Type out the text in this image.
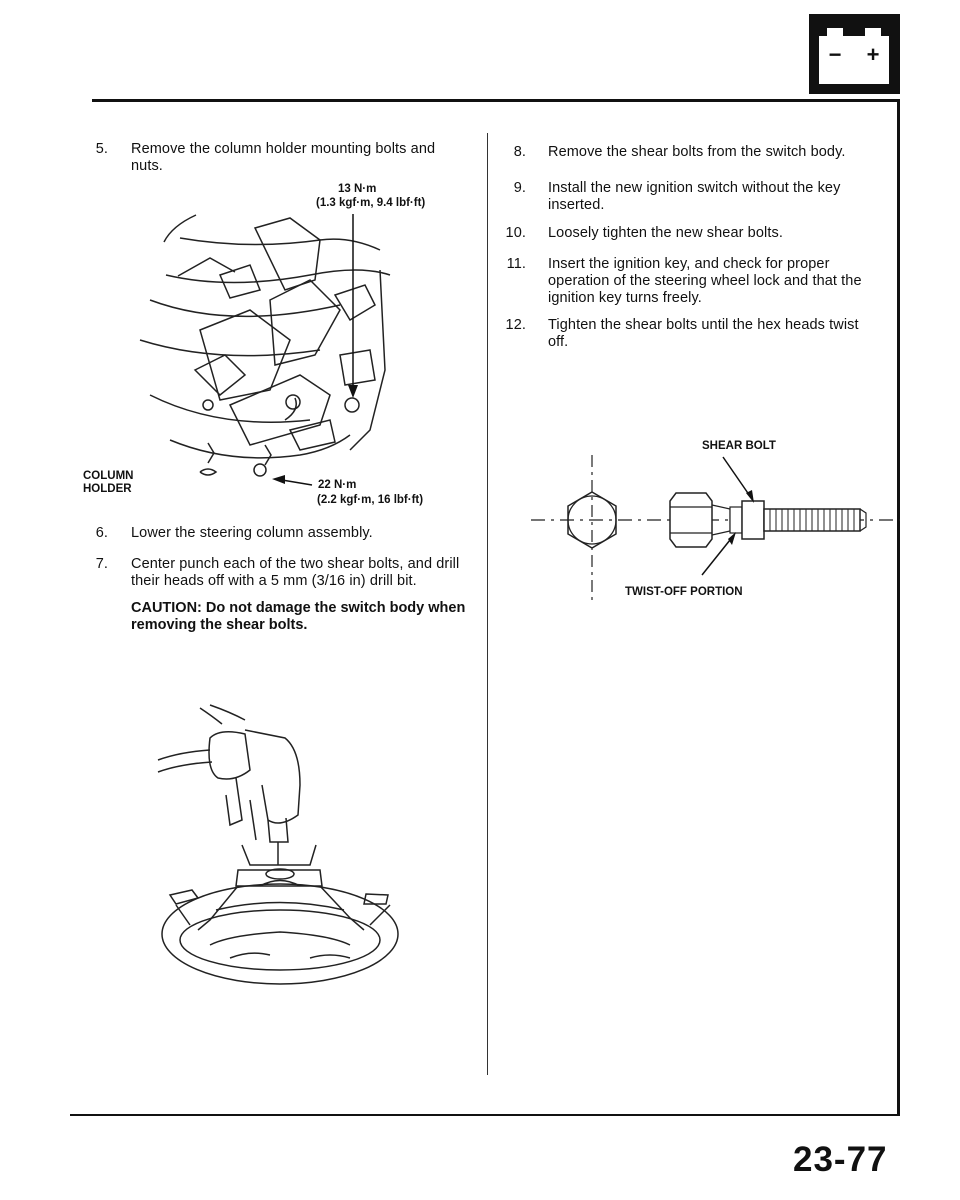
− +
5. Remove the column holder mounting bolts and nuts.
13 N·m
(1.3 kgf·m, 9.4 lbf·ft)
COLUMN
HOLDER	22 N·m
(2.2 kgf·m, 16 lbf·ft)
6. Lower the steering column assembly.
7. Center punch each of the two shear bolts, and drill their heads off with a 5 mm (3/16 in) drill bit.
CAUTION: Do not damage the switch body when
removing the shear bolts.
8. Remove the shear bolts from the switch body.
9. Install the new ignition switch without the key inserted.
10. Loosely tighten the new shear bolts.
11. Insert the ignition key, and check for proper operation of the steering wheel lock and that the ignition key turns freely.
12. Tighten the shear bolts until the hex heads twist off.
SHEAR BOLT
TWIST-OFF PORTION
23-77
